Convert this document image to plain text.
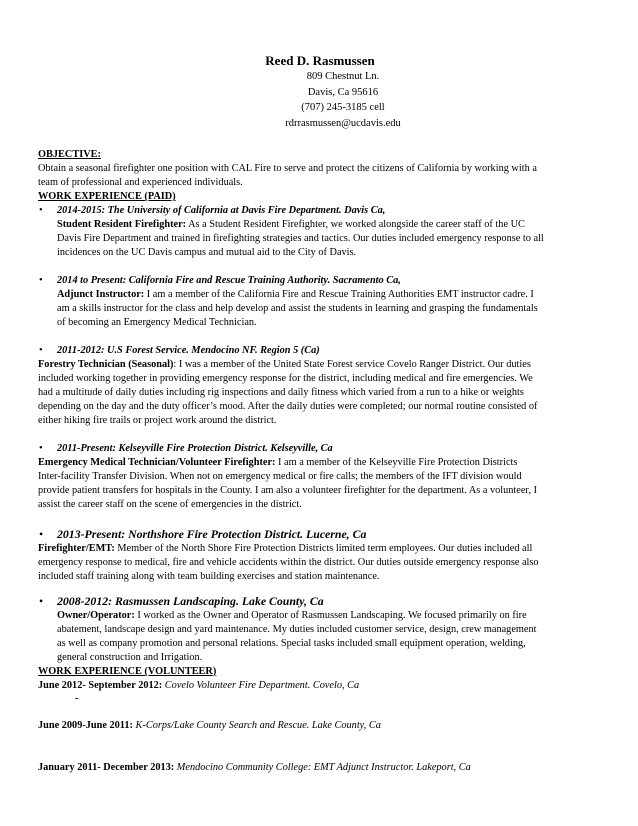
Reed D. Rasmussen
809 Chestnut Ln.
Davis, Ca 95616
(707) 245-3185 cell
rdrrasmussen@ucdavis.edu
OBJECTIVE:
Obtain a seasonal firefighter one position with CAL Fire to serve and protect the citizens of California by working with a
team of professional and experienced individuals.
WORK EXPERIENCE (PAID)
• 2014-2015: The University of California at Davis Fire Department. Davis Ca,
Student Resident Firefighter: As a Student Resident Firefighter, we worked alongside the career staff of the UC
Davis Fire Department and trained in firefighting strategies and tactics. Our duties included emergency response to all
incidences on the UC Davis campus and mutual aid to the City of Davis.
• 2014 to Present: California Fire and Rescue Training Authority. Sacramento Ca,
Adjunct Instructor: I am a member of the California Fire and Rescue Training Authorities EMT instructor cadre. I
am a skills instructor for the class and help develop and assist the students in learning and grasping the fundamentals
of becoming an Emergency Medical Technician.
• 2011-2012: U.S Forest Service. Mendocino NF. Region 5 (Ca)
Forestry Technician (Seasonal): I was a member of the United State Forest service Covelo Ranger District. Our duties
included working together in providing emergency response for the district, including medical and fire emergencies. We
had a multitude of daily duties including rig inspections and daily fitness which varied from a run to a hike or weights
depending on the day and the duty officer’s mood. After the daily duties were completed; our normal routine consisted of
either hiking fire trails or project work around the district.
• 2011-Present: Kelseyville Fire Protection District. Kelseyville, Ca
Emergency Medical Technician/Volunteer Firefighter: I am a member of the Kelseyville Fire Protection Districts
Inter-facility Transfer Division. When not on emergency medical or fire calls; the members of the IFT division would
provide patient transfers for hospitals in the County. I am also a volunteer firefighter for the department. As a volunteer, I
assist the career staff on the scene of emergencies in the district.
• 2013-Present: Northshore Fire Protection District. Lucerne, Ca
Firefighter/EMT: Member of the North Shore Fire Protection Districts limited term employees. Our duties included all
emergency response to medical, fire and vehicle accidents within the district. Our duties outside emergency response also
included staff training along with team building exercises and station maintenance.
• 2008-2012: Rasmussen Landscaping. Lake County, Ca
Owner/Operator: I worked as the Owner and Operator of Rasmussen Landscaping. We focused primarily on fire
abatement, landscape design and yard maintenance. My duties included customer service, design, crew management
as well as company promotion and personal relations. Special tasks included small equipment operation, welding,
general construction and Irrigation.
WORK EXPERIENCE (VOLUNTEER)
June 2012- September 2012: Covelo Volunteer Fire Department. Covelo, Ca
-
June 2009-June 2011: K-Corps/Lake County Search and Rescue. Lake County, Ca
January 2011- December 2013: Mendocino Community College: EMT Adjunct Instructor. Lakeport, Ca
